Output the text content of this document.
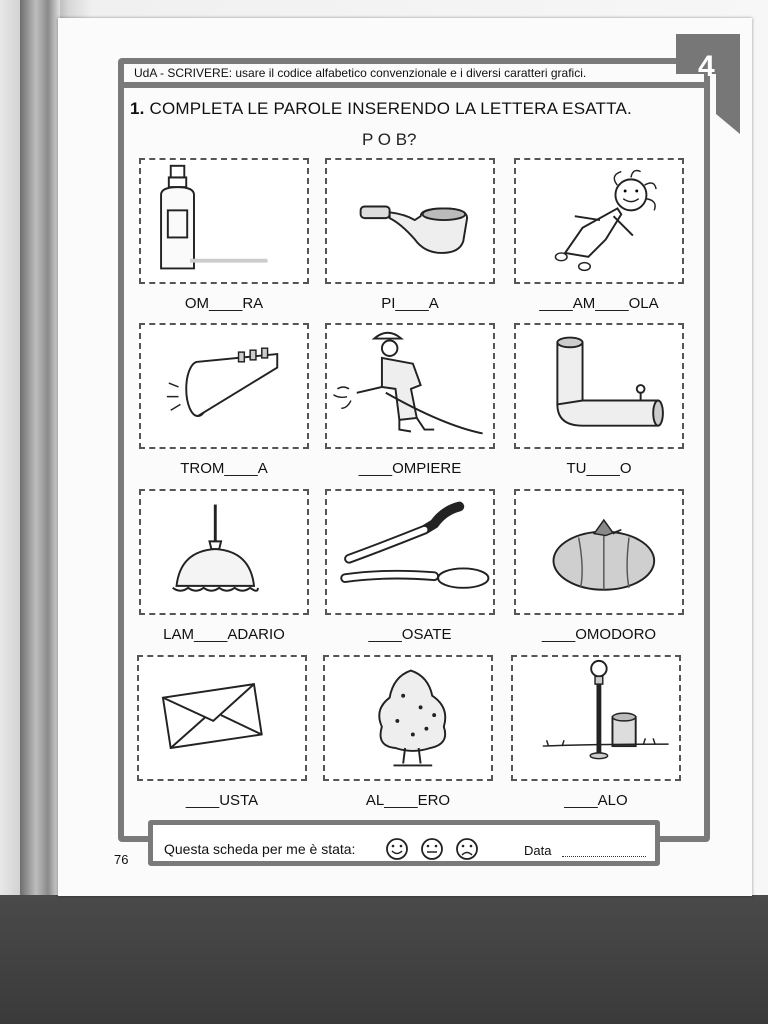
UdA - SCRIVERE: usare il codice alfabetico convenzionale e i diversi caratteri grafici.	4
1. COMPLETA LE PAROLE INSERENDO LA LETTERA ESATTA.
P O B?
OM____RA	PI____A	____AM____OLA
TROM____A	____OMPIERE	TU____O
LAM____ADARIO	____OSATE	____OMODORO
____USTA	AL____ERO	____ALO
Questa scheda per me è stata:	Data
76
